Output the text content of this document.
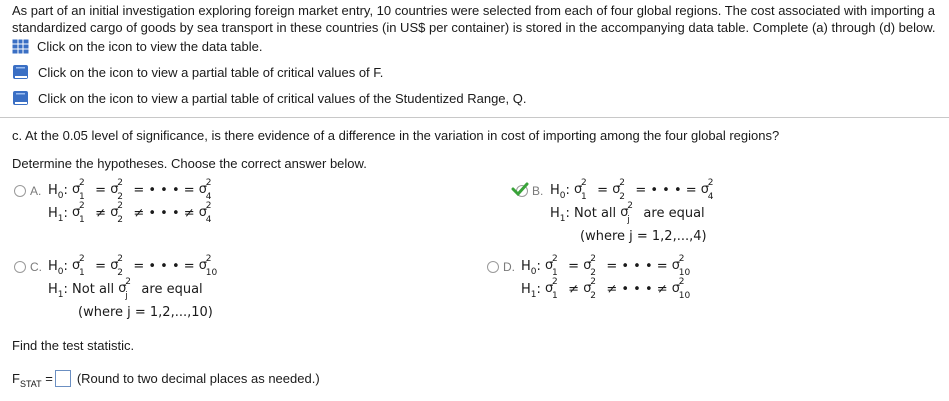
As part of an initial investigation exploring foreign market entry, 10 countries were selected from each of four global regions. The cost associated with importing a standardized cargo of goods by sea transport in these countries (in US$ per container) is stored in the accompanying data table. Complete (a) through (d) below.
Click on the icon to view the data table.
Click on the icon to view a partial table of critical values of F.
Click on the icon to view a partial table of critical values of the Studentized Range, Q.
c. At the 0.05 level of significance, is there evidence of a difference in the variation in cost of importing among the four global regions?
Determine the hypotheses. Choose the correct answer below.
A. $H_0$: σ
2
1 = σ
2
2 = • • • = σ
2
4
$H_1$: σ
2
1 ≠ σ
2
2 ≠ • • • ≠ σ
2
4
B. $H_0$: σ
2
1 = σ
2
2 = • • • = σ
2
4
$H_1$: Not all σ
2
j are equal
(where j = 1,2,...,4)
C. $H_0$: σ
2
1 = σ
2
2 = • • • = σ
2
10
$H_1$: Not all σ
2
j are equal
(where j = 1,2,...,10)
D. $H_0$: σ
2
1 = σ
2
2 = • • • = σ
2
10
$H_1$: σ
2
1 ≠ σ
2
2 ≠ • • • ≠ σ
2
10
Find the test statistic.
$F_{STAT}$ = (Round to two decimal places as needed.)
